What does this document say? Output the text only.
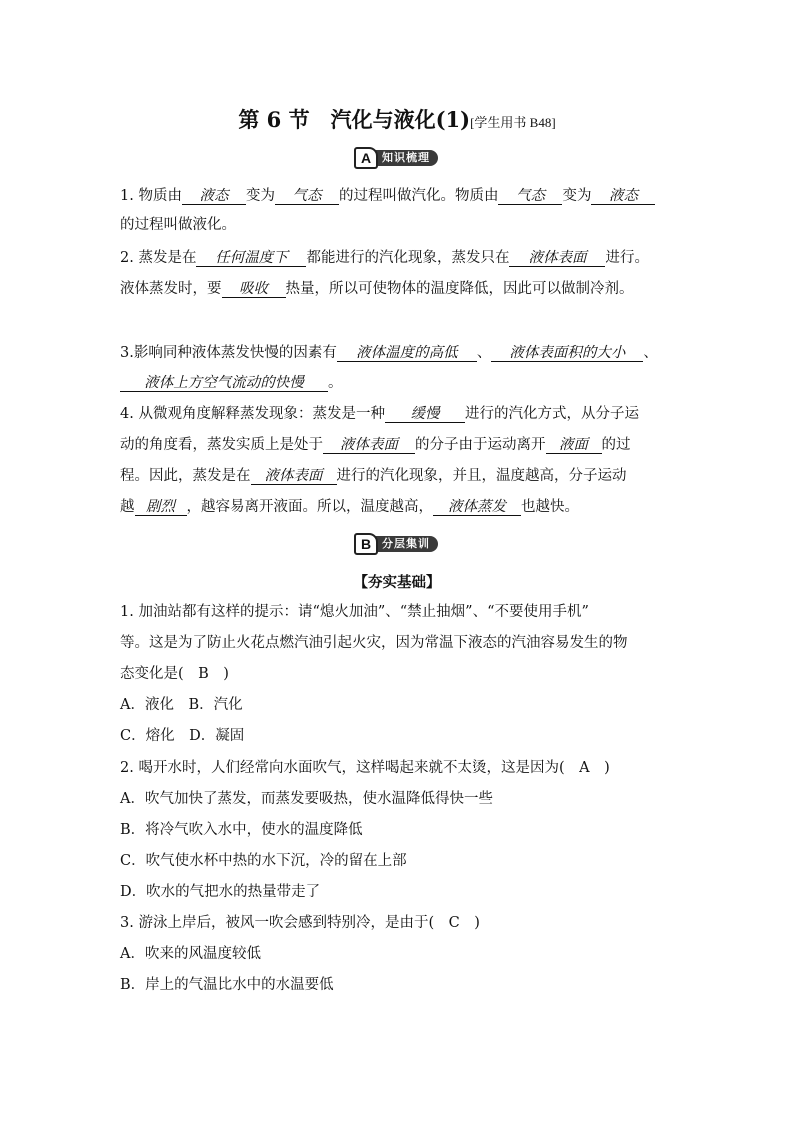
第 6 节　汽化与液化(1)[学生用书 B48]
A 知识梳理
1. 物质由 液态 变为 气态 的过程叫做汽化。物质由 气态 变为 液态
的过程叫做液化。
2. 蒸发是在 任何温度下 都能进行的汽化现象，蒸发只在 液体表面 进行。
液体蒸发时，要 吸收 热量，所以可使物体的温度降低，因此可以做制冷剂。
3.影响同种液体蒸发快慢的因素有 液体温度的高低 、 液体表面积的大小 、
液体上方空气流动的快慢 。
4. 从微观角度解释蒸发现象：蒸发是一种 缓慢 进行的汽化方式，从分子运
动的角度看，蒸发实质上是处于 液体表面 的分子由于运动离开 液面 的过
程。因此，蒸发是在 液体表面 进行的汽化现象，并且，温度越高，分子运动
越 剧烈 ，越容易离开液面。所以，温度越高， 液体蒸发 也越快。
B 分层集训
【夯实基础】
1. 加油站都有这样的提示：请“熄火加油”、“禁止抽烟”、“不要使用手机”
等。这是为了防止火花点燃汽油引起火灾，因为常温下液态的汽油容易发生的物
态变化是(　B　)
A．液化　B．汽化
C．熔化　D．凝固
2. 喝开水时，人们经常向水面吹气，这样喝起来就不太烫，这是因为(　A　)
A．吹气加快了蒸发，而蒸发要吸热，使水温降低得快一些
B．将冷气吹入水中，使水的温度降低
C．吹气使水杯中热的水下沉，冷的留在上部
D．吹水的气把水的热量带走了
3. 游泳上岸后，被风一吹会感到特别冷，是由于(　C　)
A．吹来的风温度较低
B．岸上的气温比水中的水温要低
